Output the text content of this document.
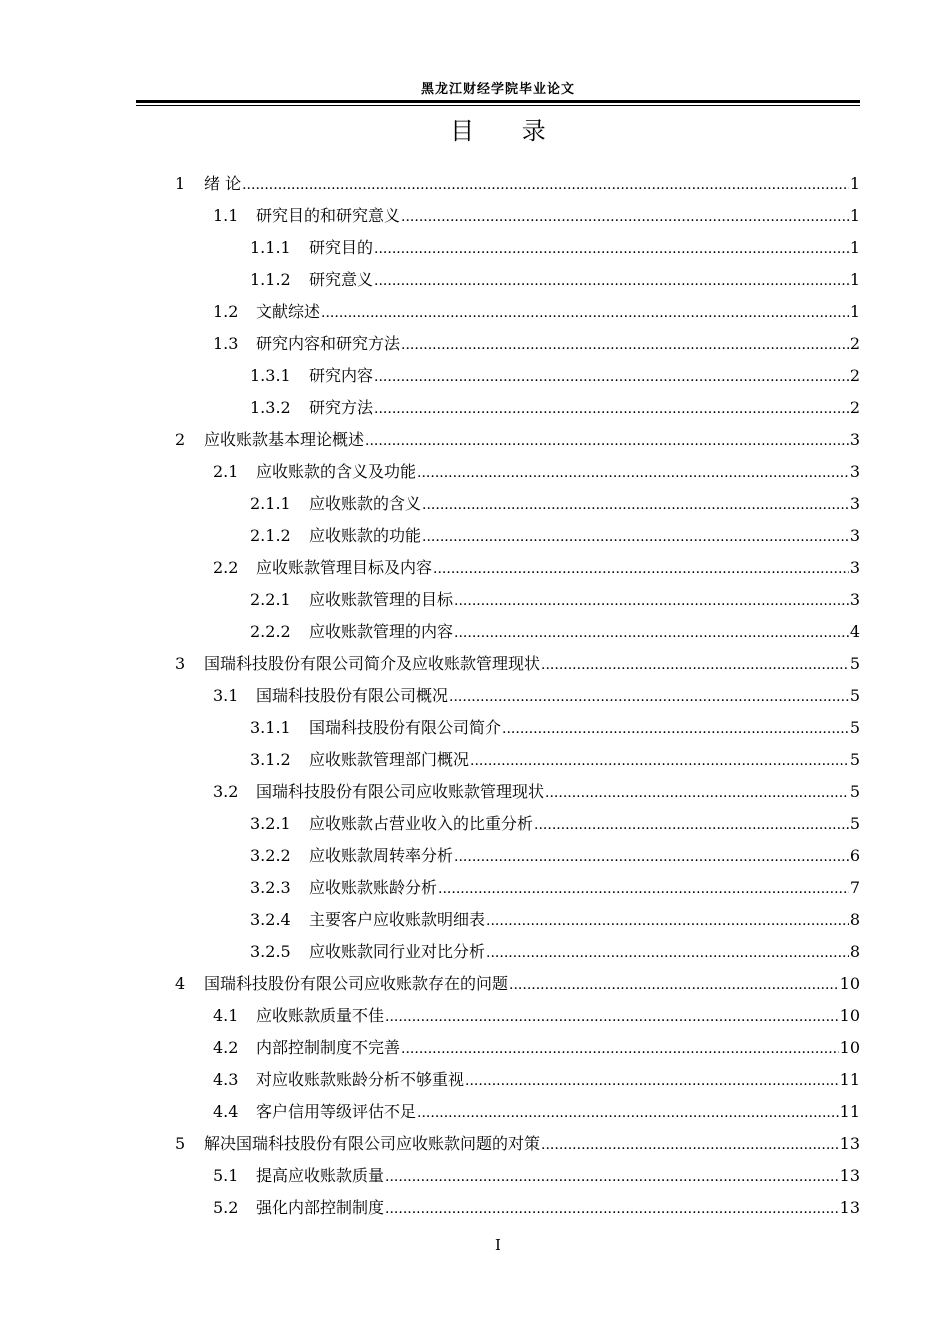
黑龙江财经学院毕业论文
目 录
1 绪 论 .....	1
1.1 研究目的和研究意义 .....	1
1.1.1 研究目的 .....	1
1.1.2 研究意义 .....	1
1.2 文献综述 .....	1
1.3 研究内容和研究方法 .....	2
1.3.1 研究内容 .....	2
1.3.2 研究方法 .....	2
2 应收账款基本理论概述 .....	3
2.1 应收账款的含义及功能 .....	3
2.1.1 应收账款的含义 .....	3
2.1.2 应收账款的功能 .....	3
2.2 应收账款管理目标及内容 .....	3
2.2.1 应收账款管理的目标 .....	3
2.2.2 应收账款管理的内容 .....	4
3 国瑞科技股份有限公司简介及应收账款管理现状 .....	5
3.1 国瑞科技股份有限公司概况 .....	5
3.1.1 国瑞科技股份有限公司简介 .....	5
3.1.2 应收账款管理部门概况 .....	5
3.2 国瑞科技股份有限公司应收账款管理现状 .....	5
3.2.1 应收账款占营业收入的比重分析 .....	5
3.2.2 应收账款周转率分析 .....	6
3.2.3 应收账款账龄分析 .....	7
3.2.4 主要客户应收账款明细表 .....	8
3.2.5 应收账款同行业对比分析 .....	8
4 国瑞科技股份有限公司应收账款存在的问题 .....	10
4.1 应收账款质量不佳 .....	10
4.2 内部控制制度不完善 .....	10
4.3 对应收账款账龄分析不够重视 .....	11
4.4 客户信用等级评估不足 .....	11
5 解决国瑞科技股份有限公司应收账款问题的对策 .....	13
5.1 提高应收账款质量 .....	13
5.2 强化内部控制制度 .....	13
I
